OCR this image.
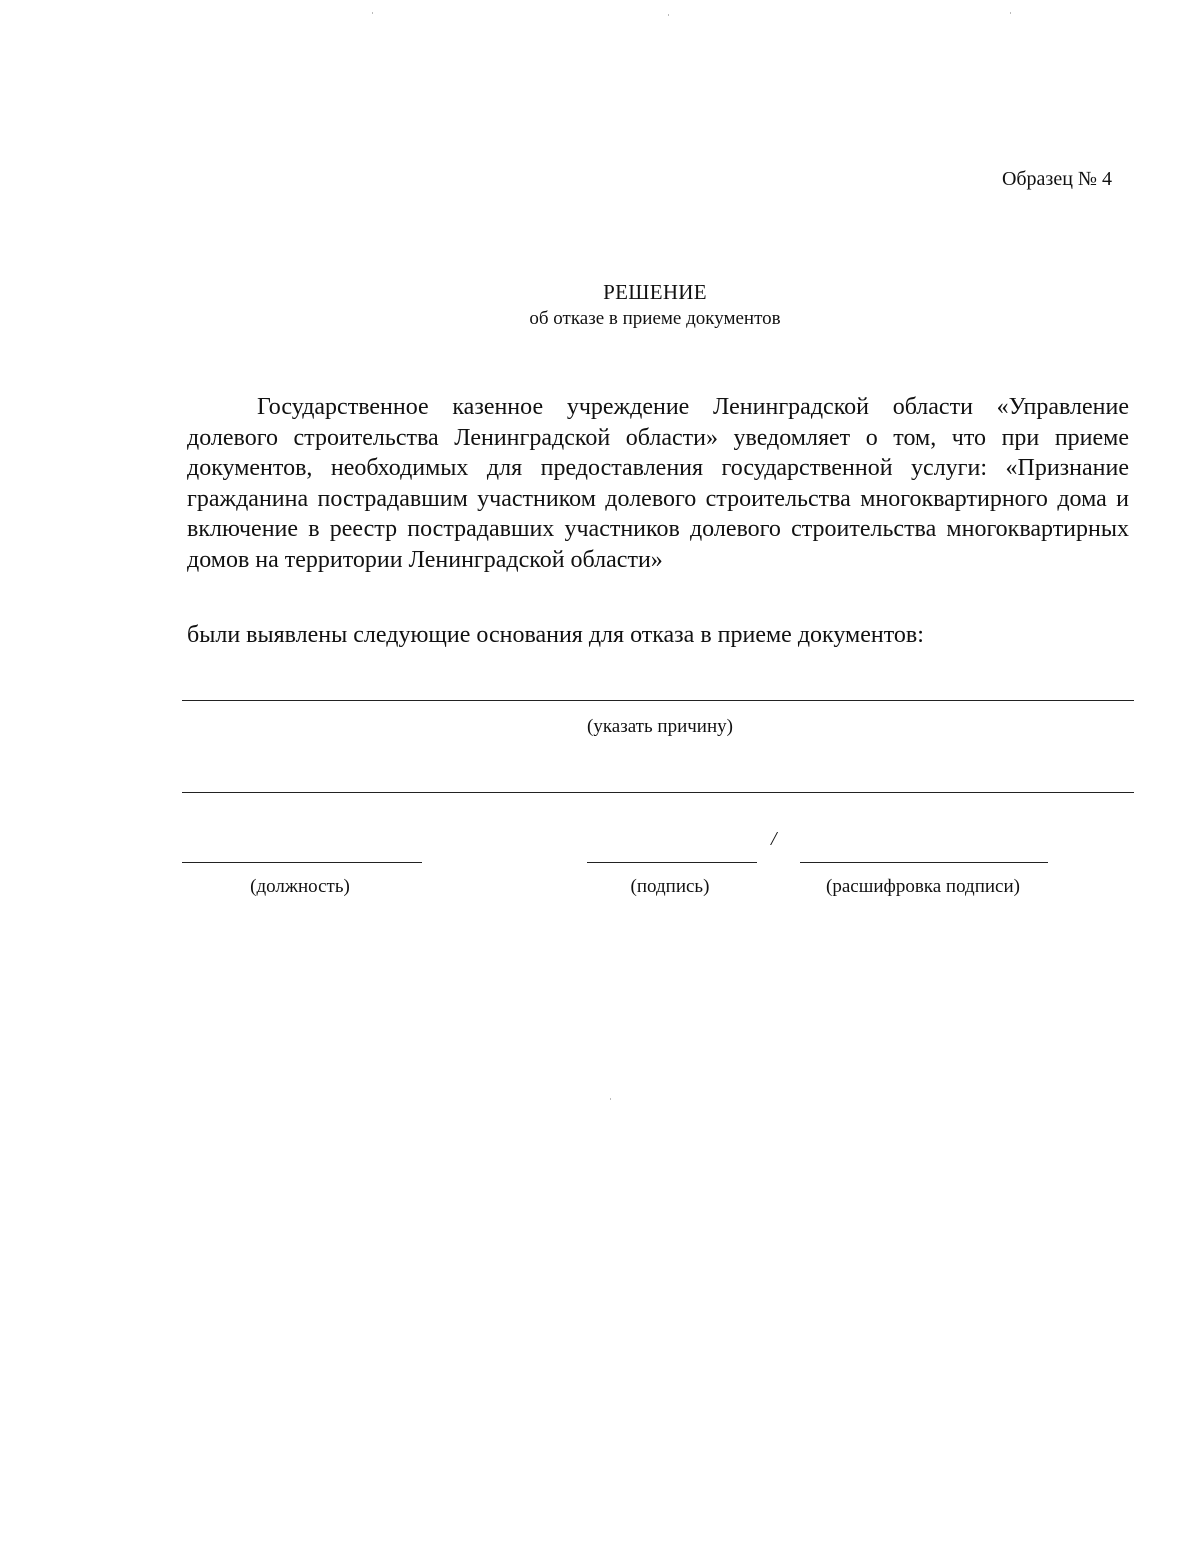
Образец № 4
РЕШЕНИЕ
об отказе в приеме документов

Государственное казенное учреждение Ленинградской области «Управление долевого строительства Ленинградской области» уведомляет о том, что при приеме документов, необходимых для предоставления государственной услуги: «Признание гражданина пострадавшим участником долевого строительства многоквартирного дома и включение в реестр пострадавших участников долевого строительства многоквартирных домов на территории Ленинградской области»

были выявлены следующие основания для отказа в приеме документов:

(указать причину)
/
(должность)	(подпись)	(расшифровка подписи)
